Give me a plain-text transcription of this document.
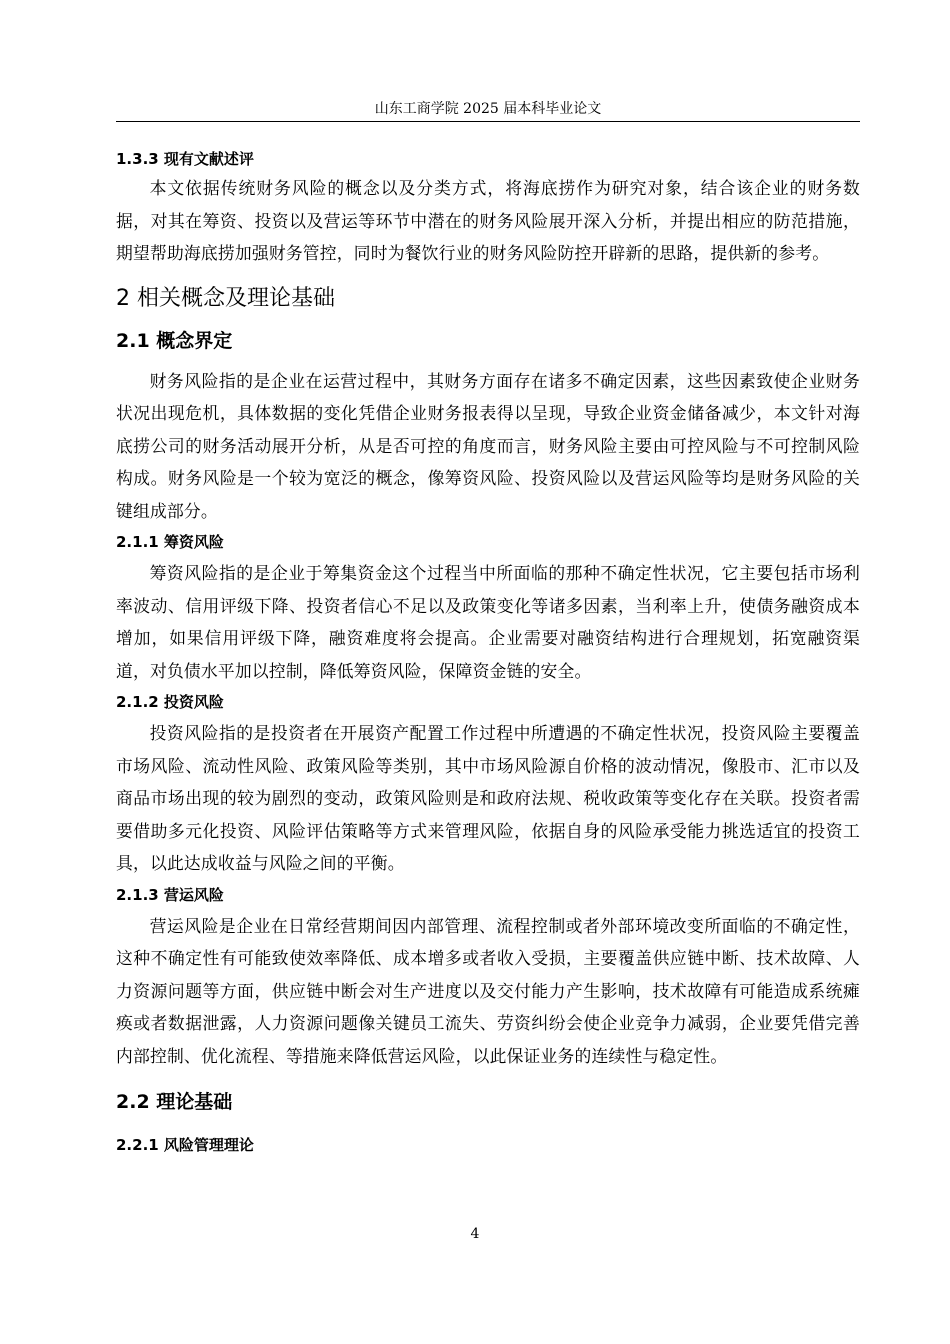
山东工商学院 2025 届本科毕业论文

1.3.3 现有文献述评

本文依据传统财务风险的概念以及分类方式，将海底捞作为研究对象，结合该企业的财务数据，对其在筹资、投资以及营运等环节中潜在的财务风险展开深入分析，并提出相应的防范措施，期望帮助海底捞加强财务管控，同时为餐饮行业的财务风险防控开辟新的思路，提供新的参考。

2 相关概念及理论基础

2.1 概念界定

财务风险指的是企业在运营过程中，其财务方面存在诸多不确定因素，这些因素致使企业财务状况出现危机，具体数据的变化凭借企业财务报表得以呈现，导致企业资金储备减少，本文针对海底捞公司的财务活动展开分析，从是否可控的角度而言，财务风险主要由可控风险与不可控制风险构成。财务风险是一个较为宽泛的概念，像筹资风险、投资风险以及营运风险等均是财务风险的关键组成部分。

2.1.1 筹资风险

筹资风险指的是企业于筹集资金这个过程当中所面临的那种不确定性状况，它主要包括市场利率波动、信用评级下降、投资者信心不足以及政策变化等诸多因素，当利率上升，使债务融资成本增加，如果信用评级下降，融资难度将会提高。企业需要对融资结构进行合理规划，拓宽融资渠道，对负债水平加以控制，降低筹资风险，保障资金链的安全。

2.1.2 投资风险

投资风险指的是投资者在开展资产配置工作过程中所遭遇的不确定性状况，投资风险主要覆盖市场风险、流动性风险、政策风险等类别，其中市场风险源自价格的波动情况，像股市、汇市以及商品市场出现的较为剧烈的变动，政策风险则是和政府法规、税收政策等变化存在关联。投资者需要借助多元化投资、风险评估策略等方式来管理风险，依据自身的风险承受能力挑选适宜的投资工具，以此达成收益与风险之间的平衡。

2.1.3 营运风险

营运风险是企业在日常经营期间因内部管理、流程控制或者外部环境改变所面临的不确定性，这种不确定性有可能致使效率降低、成本增多或者收入受损，主要覆盖供应链中断、技术故障、人力资源问题等方面，供应链中断会对生产进度以及交付能力产生影响，技术故障有可能造成系统瘫痪或者数据泄露，人力资源问题像关键员工流失、劳资纠纷会使企业竞争力减弱，企业要凭借完善内部控制、优化流程、等措施来降低营运风险，以此保证业务的连续性与稳定性。

2.2 理论基础

2.2.1 风险管理理论

4
